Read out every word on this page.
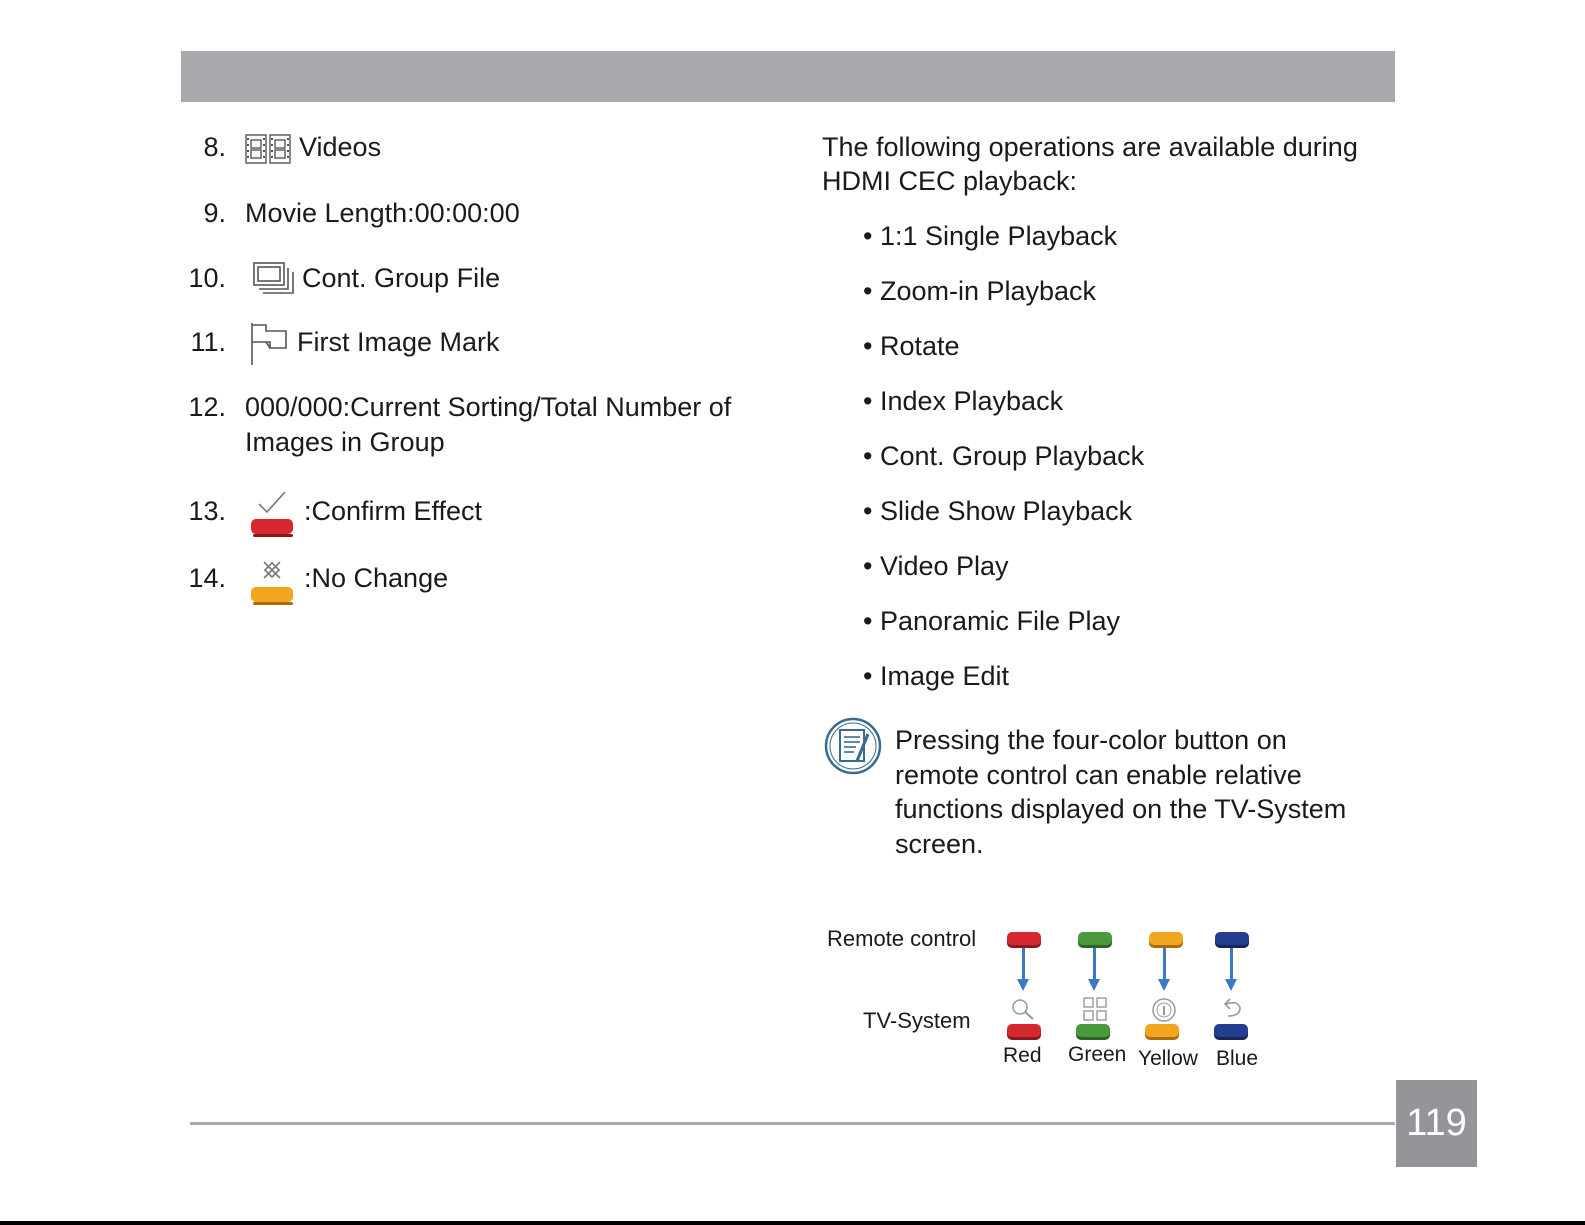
8.	Videos
9. Movie Length:00:00:00
10.	Cont. Group File
11.	First Image Mark
12. 000/000:Current Sorting/Total Number of
Images in Group
13.	:Confirm Effect
14.	:No Change
The following operations are available during
HDMI CEC playback:
• 1:1 Single Playback
• Zoom-in Playback
• Rotate
• Index Playback
• Cont. Group Playback
• Slide Show Playback
• Video Play
• Panoramic File Play
• Image Edit
Pressing the four-color button on
remote control can enable relative
functions displayed on the TV-System
screen.
Remote control
TV-System
Red Green Yellow Blue
119
